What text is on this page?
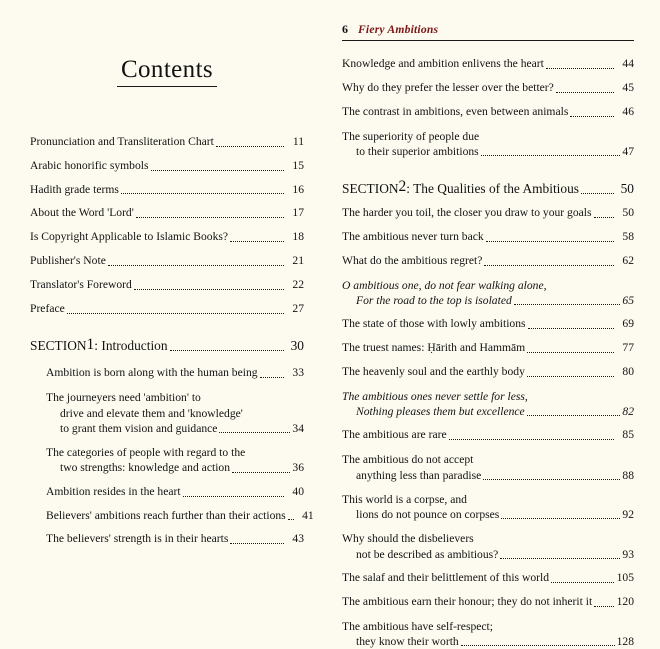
Contents
Pronunciation and Transliteration Chart	11
Arabic honorific symbols	15
Hadith grade terms	16
About the Word 'Lord'	17
Is Copyright Applicable to Islamic Books?	18
Publisher's Note	21
Translator's Foreword	22
Preface	27
SECTION 1 : Introduction	30
Ambition is born along with the human being	33
The journeyers need 'ambition' to
drive and elevate them and 'knowledge'
to grant them vision and guidance	34
The categories of people with regard to the
two strengths: knowledge and action	36
Ambition resides in the heart	40
Believers' ambitions reach further than their actions	41
The believers' strength is in their hearts	43
6 Fiery Ambitions
Knowledge and ambition enlivens the heart	44
Why do they prefer the lesser over the better?	45
The contrast in ambitions, even between animals	46
The superiority of people due
to their superior ambitions	47
SECTION 2 : The Qualities of the Ambitious	50
The harder you toil, the closer you draw to your goals	50
The ambitious never turn back	58
What do the ambitious regret?	62
O ambitious one, do not fear walking alone,
For the road to the top is isolated	65
The state of those with lowly ambitions	69
The truest names: Ḥārith and Hammām	77
The heavenly soul and the earthly body	80
The ambitious ones never settle for less,
Nothing pleases them but excellence	82
The ambitious are rare	85
The ambitious do not accept
anything less than paradise	88
This world is a corpse, and
lions do not pounce on corpses	92
Why should the disbelievers
not be described as ambitious?	93
The salaf and their belittlement of this world	105
The ambitious earn their honour; they do not inherit it 120
The ambitious have self-respect;
they know their worth	128
